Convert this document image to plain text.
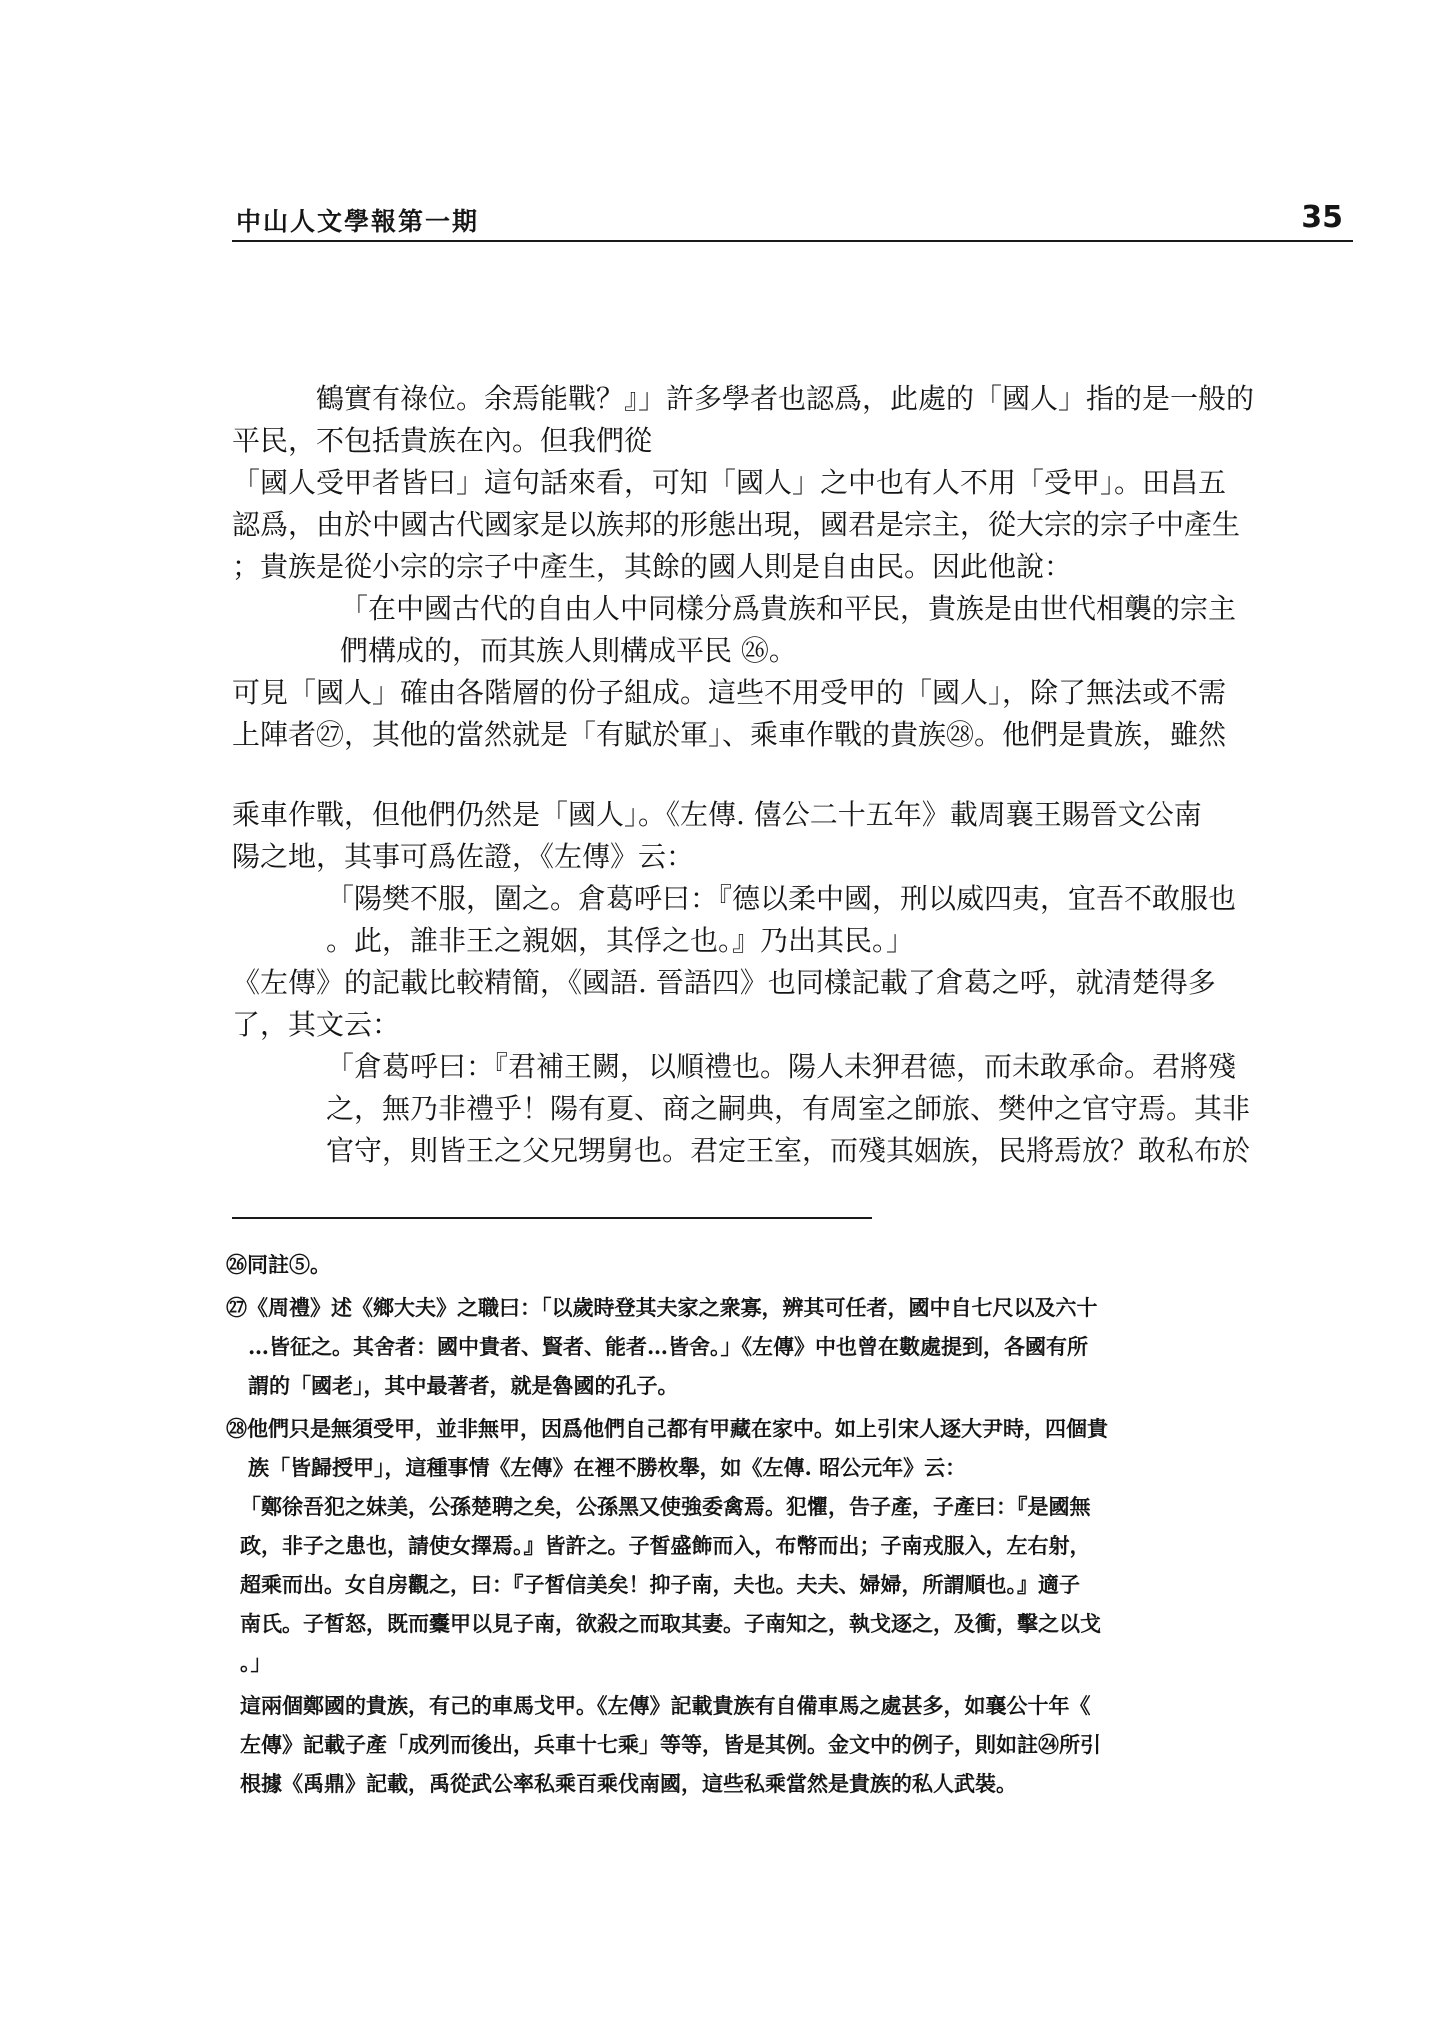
中山人文學報第一期	35
鶴實有祿位。余焉能戰？』」許多學者也認爲，此處的「國人」指的是一般的
平民，不包括貴族在內。但我們從
「國人受甲者皆曰」這句話來看，可知「國人」之中也有人不用「受甲」。田昌五
認爲，由於中國古代國家是以族邦的形態出現，國君是宗主，從大宗的宗子中產生
；貴族是從小宗的宗子中產生，其餘的國人則是自由民。因此他說：
「在中國古代的自由人中同樣分爲貴族和平民，貴族是由世代相襲的宗主
們構成的，而其族人則構成平民 ㉖。
可見「國人」確由各階層的份子組成。這些不用受甲的「國人」，除了無法或不需
上陣者㉗，其他的當然就是「有賦於軍」、乘車作戰的貴族㉘。他們是貴族，雖然
乘車作戰，但他們仍然是「國人」。《左傳. 僖公二十五年》載周襄王賜晉文公南
陽之地，其事可爲佐證，《左傳》云：
「陽樊不服，圍之。倉葛呼曰：『德以柔中國，刑以威四夷，宜吾不敢服也
。此，誰非王之親姻，其俘之也。』乃出其民。」
《左傳》的記載比較精簡，《國語. 晉語四》也同樣記載了倉葛之呼，就清楚得多
了，其文云：
「倉葛呼曰：『君補王闕，以順禮也。陽人未狎君德，而未敢承命。君將殘
之，無乃非禮乎！陽有夏、商之嗣典，有周室之師旅、樊仲之官守焉。其非
官守，則皆王之父兄甥舅也。君定王室，而殘其姻族，民將焉放？敢私布於
㉖同註⑤。
㉗《周禮》述《鄉大夫》之職曰：「以歲時登其夫家之衆寡，辨其可任者，國中自七尺以及六十
…皆征之。其舍者：國中貴者、賢者、能者…皆舍。」《左傳》中也曾在數處提到，各國有所
謂的「國老」，其中最著者，就是魯國的孔子。
㉘他們只是無須受甲，並非無甲，因爲他們自己都有甲藏在家中。如上引宋人逐大尹時，四個貴
族「皆歸授甲」，這種事情《左傳》在裡不勝枚舉，如《左傳. 昭公元年》云：
「鄭徐吾犯之妹美，公孫楚聘之矣，公孫黑又使強委禽焉。犯懼，告子產，子產曰：『是國無
政，非子之患也，請使女擇焉。』皆許之。子皙盛飾而入，布幣而出；子南戎服入，左右射，
超乘而出。女自房觀之，曰：『子皙信美矣！抑子南，夫也。夫夫、婦婦，所謂順也。』適子
南氏。子皙怒，既而櫜甲以見子南，欲殺之而取其妻。子南知之，執戈逐之，及衝，擊之以戈
。」
這兩個鄭國的貴族，有己的車馬戈甲。《左傳》記載貴族有自備車馬之處甚多，如襄公十年《
左傳》記載子產「成列而後出，兵車十七乘」等等，皆是其例。金文中的例子，則如註㉔所引
根據《禹鼎》記載，禹從武公率私乘百乘伐南國，這些私乘當然是貴族的私人武裝。
